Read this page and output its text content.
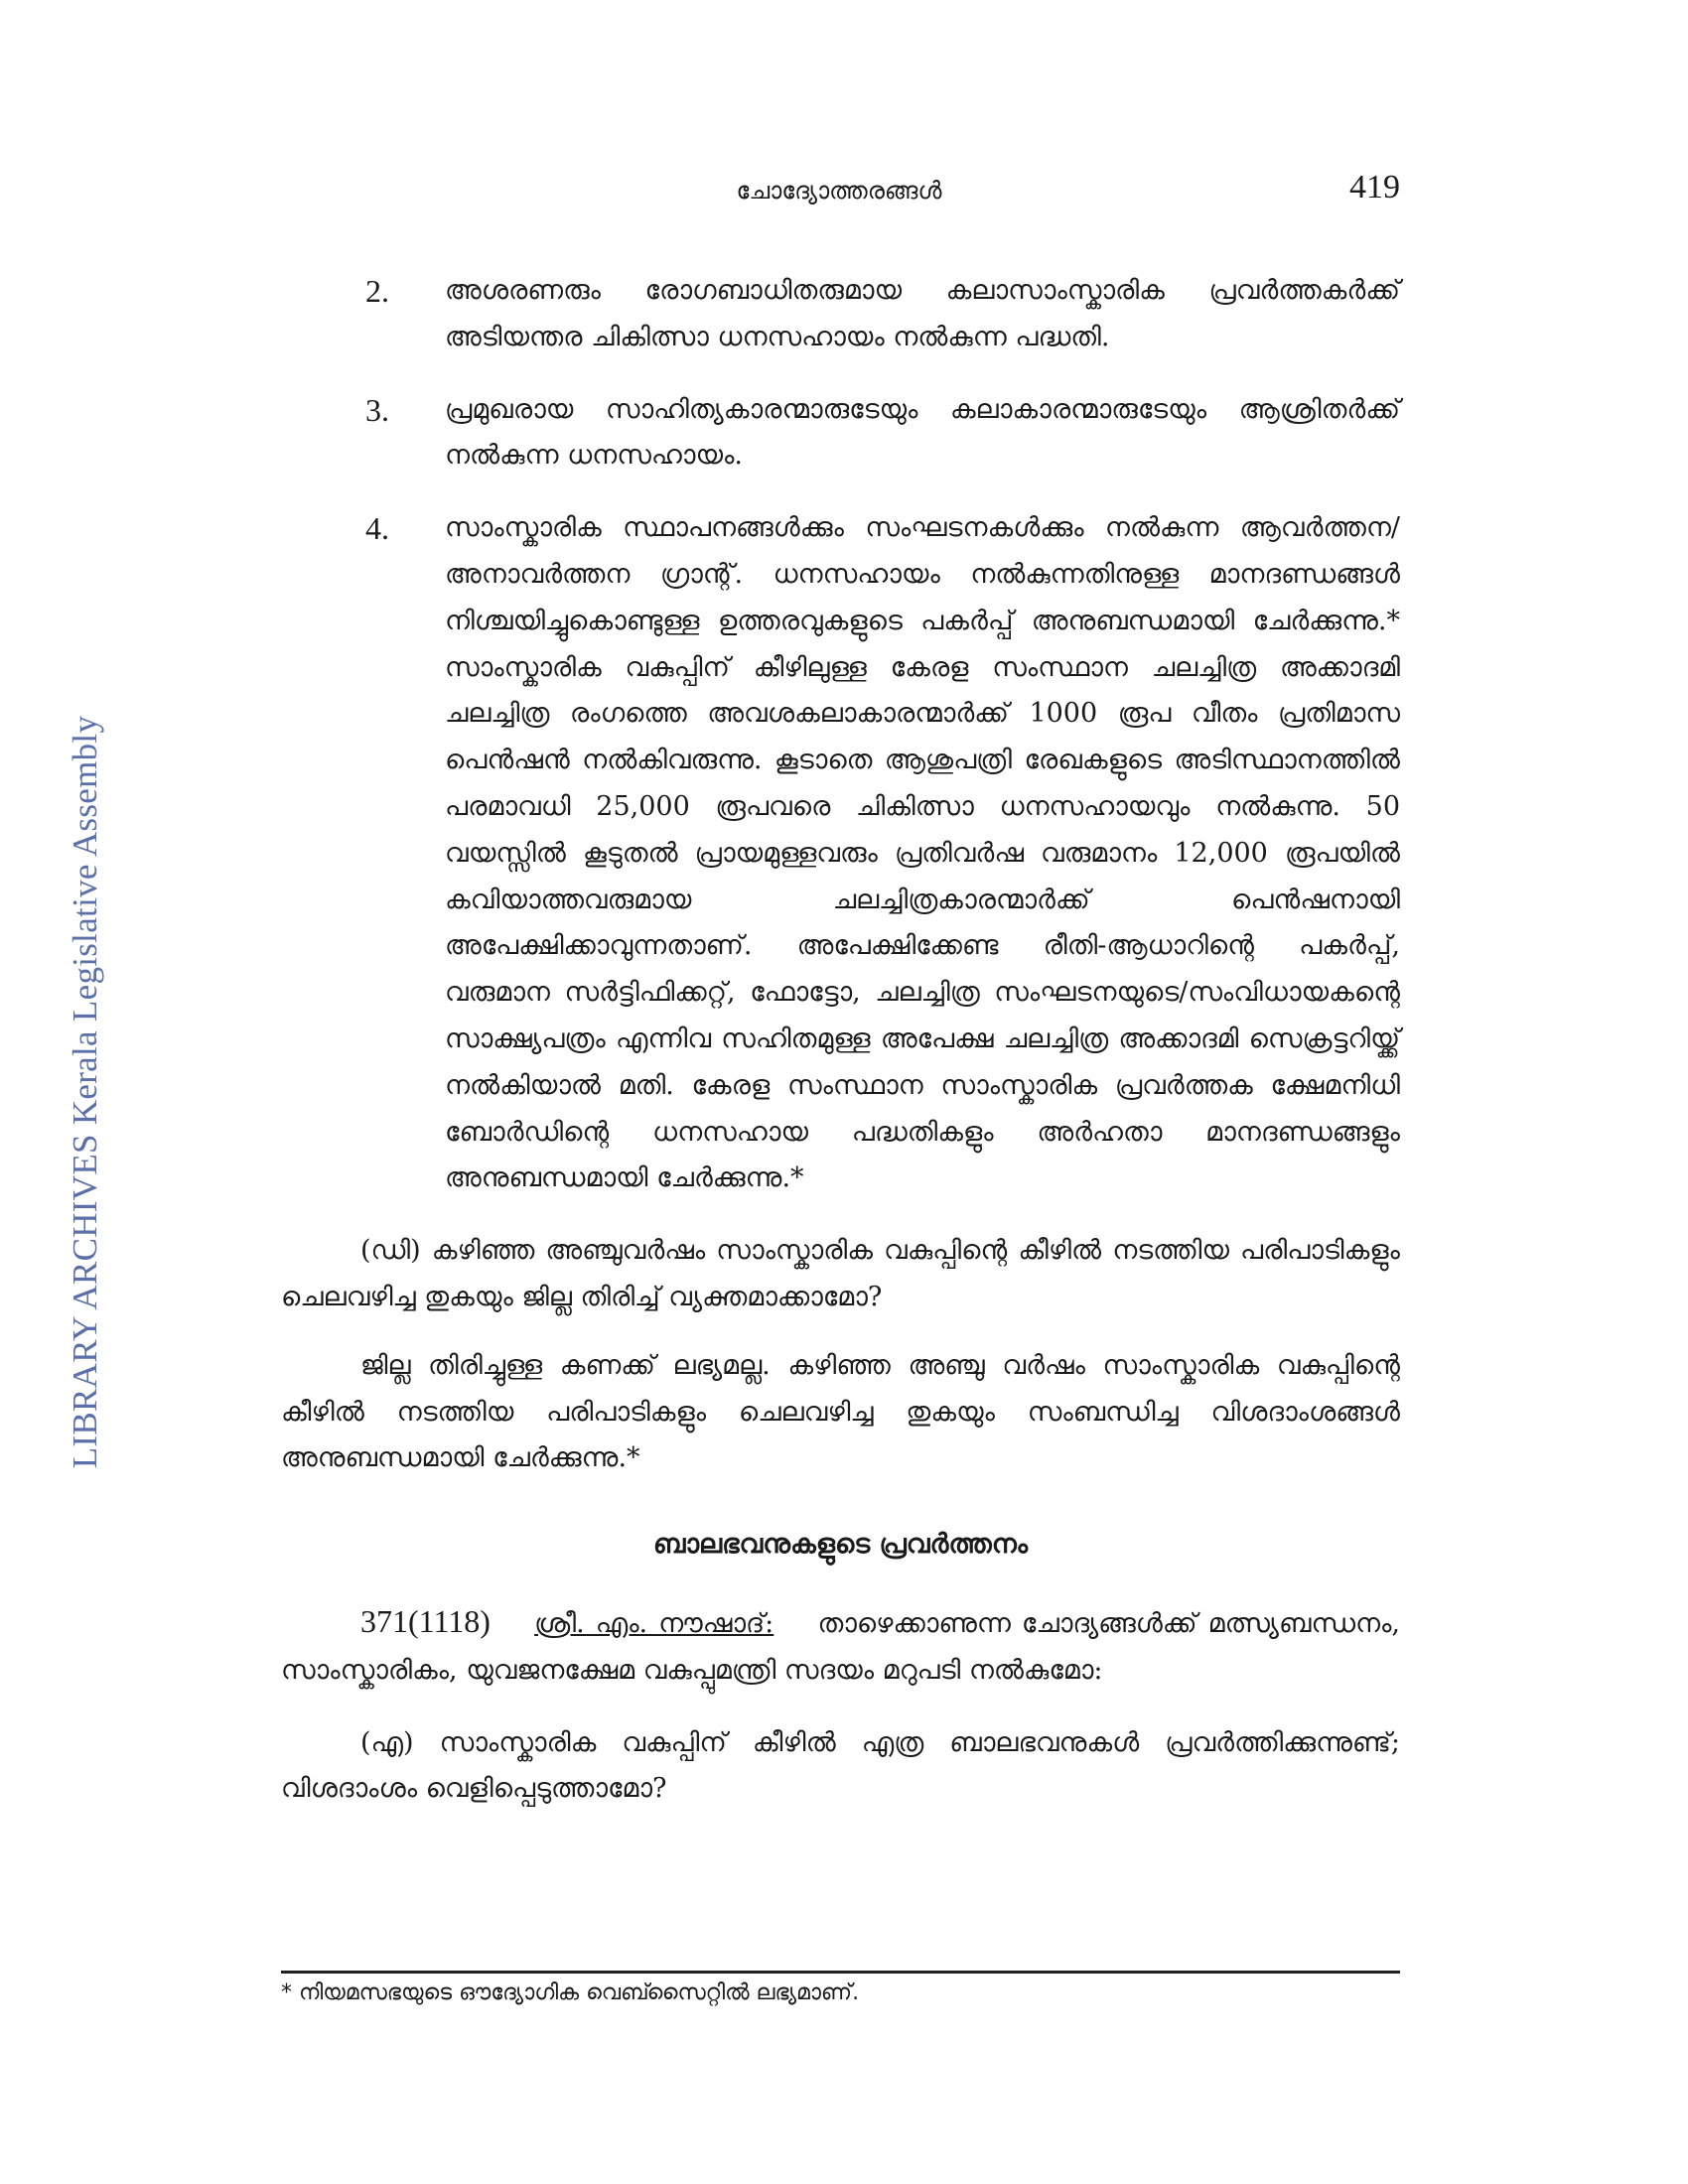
LIBRARY ARCHIVES Kerala Legislative Assembly
ചോദ്യോത്തരങ്ങൾ	419
2.	അശരണരും രോഗബാധിതരുമായ കലാസാംസ്കാരിക പ്രവർത്തകർക്ക് അടിയന്തര ചികിത്സാ ധനസഹായം നൽകുന്ന പദ്ധതി.
3.	പ്രമുഖരായ സാഹിത്യകാരന്മാരുടേയും കലാകാരന്മാരുടേയും ആശ്രിതർക്ക് നൽകുന്ന ധനസഹായം.
4.	സാംസ്കാരിക സ്ഥാപനങ്ങൾക്കും സംഘടനകൾക്കും നൽകുന്ന ആവർത്തന/ അനാവർത്തന ഗ്രാന്റ്. ധനസഹായം നൽകുന്നതിനുള്ള മാനദണ്ഡങ്ങൾ നിശ്ചയിച്ചുകൊണ്ടുള്ള ഉത്തരവുകളുടെ പകർപ്പ് അനുബന്ധമായി ചേർക്കുന്നു.* സാംസ്കാരിക വകുപ്പിന് കീഴിലുള്ള കേരള സംസ്ഥാന ചലച്ചിത്ര അക്കാദമി ചലച്ചിത്ര രംഗത്തെ അവശകലാകാരന്മാർക്ക് 1000 രൂപ വീതം പ്രതിമാസ പെൻഷൻ നൽകിവരുന്നു. കൂടാതെ ആശുപത്രി രേഖകളുടെ അടിസ്ഥാനത്തിൽ പരമാവധി 25,000 രൂപവരെ ചികിത്സാ ധനസഹായവും നൽകുന്നു. 50 വയസ്സിൽ കൂടുതൽ പ്രായമുള്ളവരും പ്രതിവർഷ വരുമാനം 12,000 രൂപയിൽ കവിയാത്തവരുമായ ചലച്ചിത്രകാരന്മാർക്ക് പെൻഷനായി അപേക്ഷിക്കാവുന്നതാണ്. അപേക്ഷിക്കേണ്ട രീതി-ആധാറിന്റെ പകർപ്പ്, വരുമാന സർട്ടിഫിക്കറ്റ്, ഫോട്ടോ, ചലച്ചിത്ര സംഘടനയുടെ/സംവിധായകന്റെ സാക്ഷ്യപത്രം എന്നിവ സഹിതമുള്ള അപേക്ഷ ചലച്ചിത്ര അക്കാദമി സെക്രട്ടറിയ്ക്ക് നൽകിയാൽ മതി. കേരള സംസ്ഥാന സാംസ്കാരിക പ്രവർത്തക ക്ഷേമനിധി ബോർഡിന്റെ ധനസഹായ പദ്ധതികളും അർഹതാ മാനദണ്ഡങ്ങളും അനുബന്ധമായി ചേർക്കുന്നു.*

(ഡി) കഴിഞ്ഞ അഞ്ചുവർഷം സാംസ്കാരിക വകുപ്പിന്റെ കീഴിൽ നടത്തിയ പരിപാടികളും ചെലവഴിച്ച തുകയും ജില്ല തിരിച്ച് വ്യക്തമാക്കാമോ?

ജില്ല തിരിച്ചുള്ള കണക്ക് ലഭ്യമല്ല. കഴിഞ്ഞ അഞ്ചു വർഷം സാംസ്കാരിക വകുപ്പിന്റെ കീഴിൽ നടത്തിയ പരിപാടികളും ചെലവഴിച്ച തുകയും സംബന്ധിച്ച വിശദാംശങ്ങൾ അനുബന്ധമായി ചേർക്കുന്നു.*

ബാലഭവനുകളുടെ പ്രവർത്തനം

371(1118) ശ്രീ. എം. നൗഷാദ്: താഴെക്കാണുന്ന ചോദ്യങ്ങൾക്ക് മത്സ്യബന്ധനം, സാംസ്കാരികം, യുവജനക്ഷേമ വകുപ്പുമന്ത്രി സദയം മറുപടി നൽകുമോ:

(എ) സാംസ്കാരിക വകുപ്പിന് കീഴിൽ എത്ര ബാലഭവനുകൾ പ്രവർത്തിക്കുന്നുണ്ട്; വിശദാംശം വെളിപ്പെടുത്താമോ?

* നിയമസഭയുടെ ഔദ്യോഗിക വെബ്സൈറ്റിൽ ലഭ്യമാണ്.
